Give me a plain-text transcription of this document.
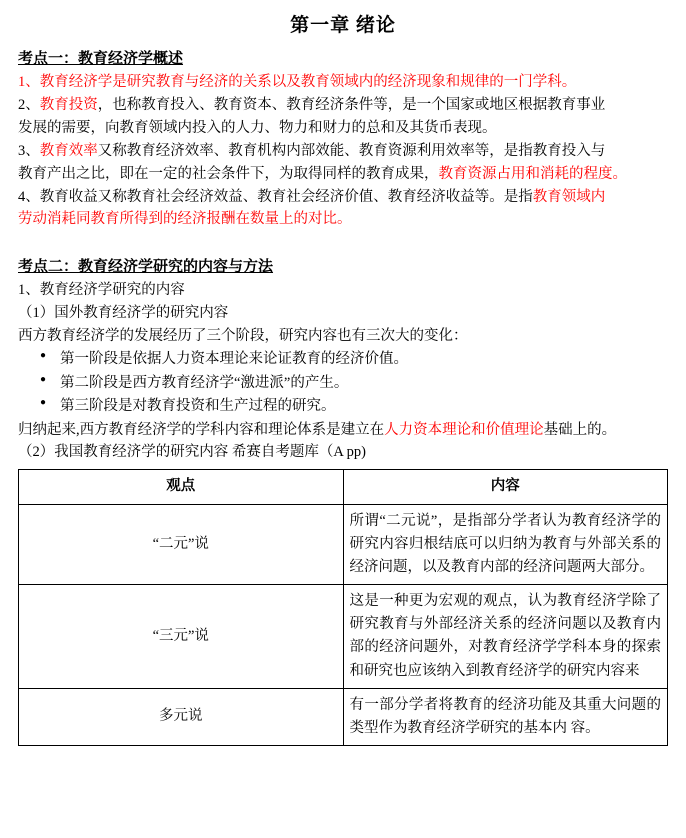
第一章 绪论
考点一：教育经济学概述

1、教育经济学是研究教育与经济的关系以及教育领域内的经济现象和规律的一门学科。

2、教育投资，也称教育投入、教育资本、教育经济条件等，是一个国家或地区根据教育事业

发展的需要，向教育领域内投入的人力、物力和财力的总和及其货币表现。

3、教育效率又称教育经济效率、教育机构内部效能、教育资源利用效率等，是指教育投入与

教育产出之比，即在一定的社会条件下，为取得同样的教育成果，教育资源占用和消耗的程度。

4、教育收益又称教育社会经济效益、教育社会经济价值、教育经济收益等。是指教育领域内

劳动消耗同教育所得到的经济报酬在数量上的对比。

考点二：教育经济学研究的内容与方法

1、教育经济学研究的内容

（1）国外教育经济学的研究内容

西方教育经济学的发展经历了三个阶段，研究内容也有三次大的变化：

● 第一阶段是依据人力资本理论来论证教育的经济价值。
● 第二阶段是西方教育经济学“激进派”的产生。
● 第三阶段是对教育投资和生产过程的研究。

归纳起来,西方教育经济学的学科内容和理论体系是建立在人力资本理论和价值理论基础上的。

（2）我国教育经济学的研究内容 希赛自考题库（A pp)

观点	内容
“二元”说	所谓“二元说”，是指部分学者认为教育经济学的研究内容归根结底可以归纳为教育与外部关系的经济问题，以及教育内部的经济问题两大部分。
“三元”说	这是一种更为宏观的观点，认为教育经济学除了研究教育与外部经济关系的经济问题以及教育内部的经济问题外，对教育经济学学科本身的探索和研究也应该纳入到教育经济学的研究内容来
多元说	有一部分学者将教育的经济功能及其重大问题的类型作为教育经济学研究的基本内 容。
